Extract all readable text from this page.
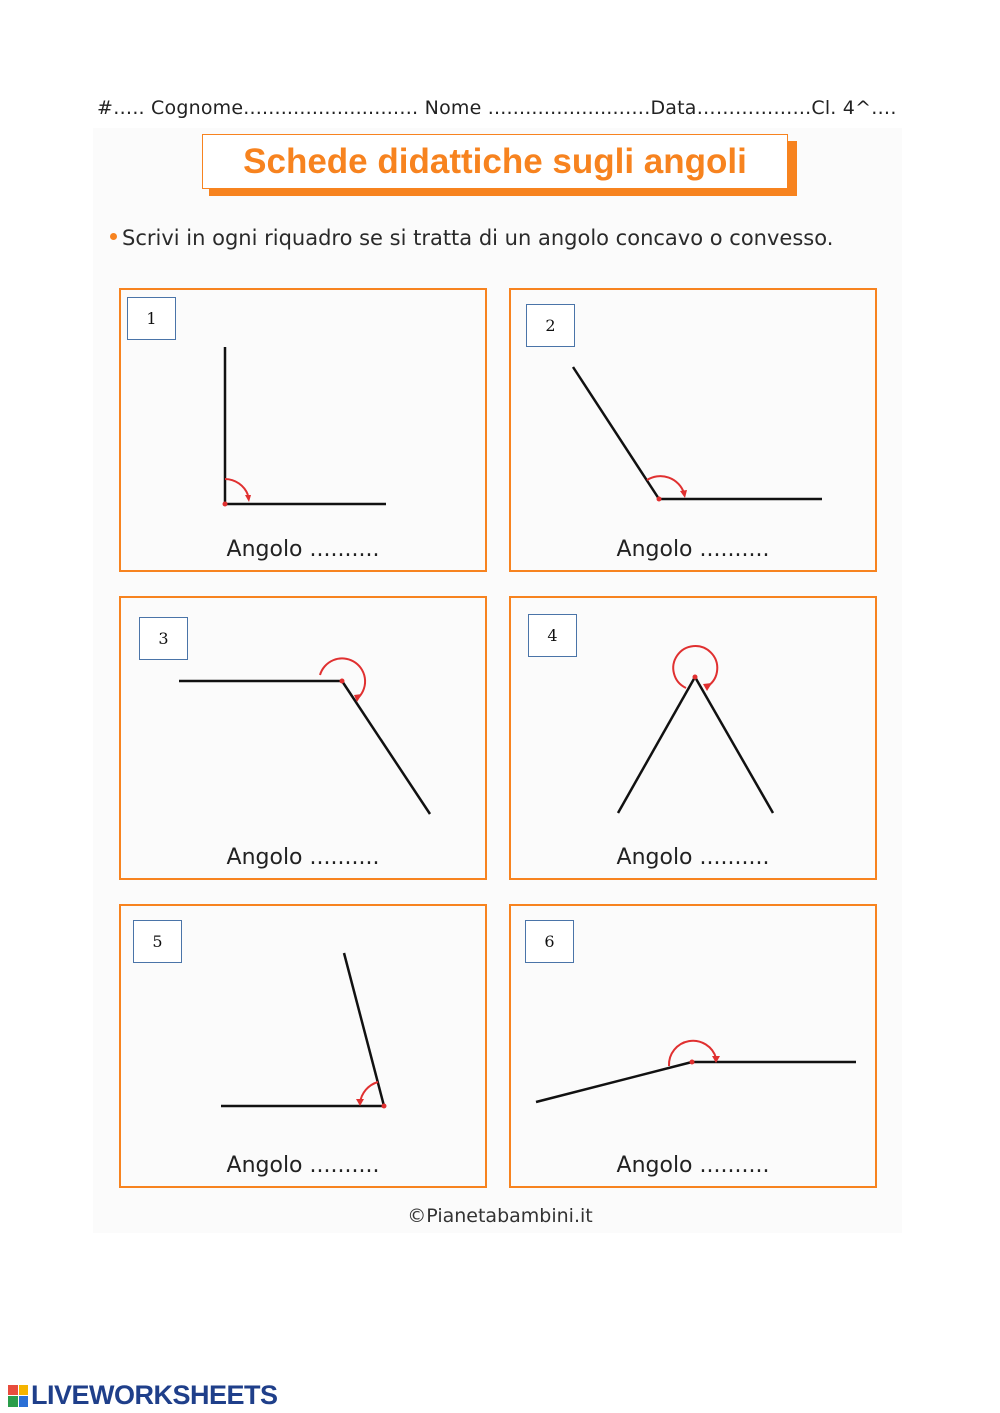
#….. Cognome.........................… Nome ......................….Data……………...Cl. 4^….
Schede didattiche sugli angoli
Scrivi in ogni riquadro se si tratta di un angolo concavo o convesso.
1
Angolo ..........
2
Angolo ..........
3
Angolo ..........
4
Angolo ..........
5
Angolo ..........
6
Angolo ..........
©Pianetabambini.it
LIVEWORKSHEETS
